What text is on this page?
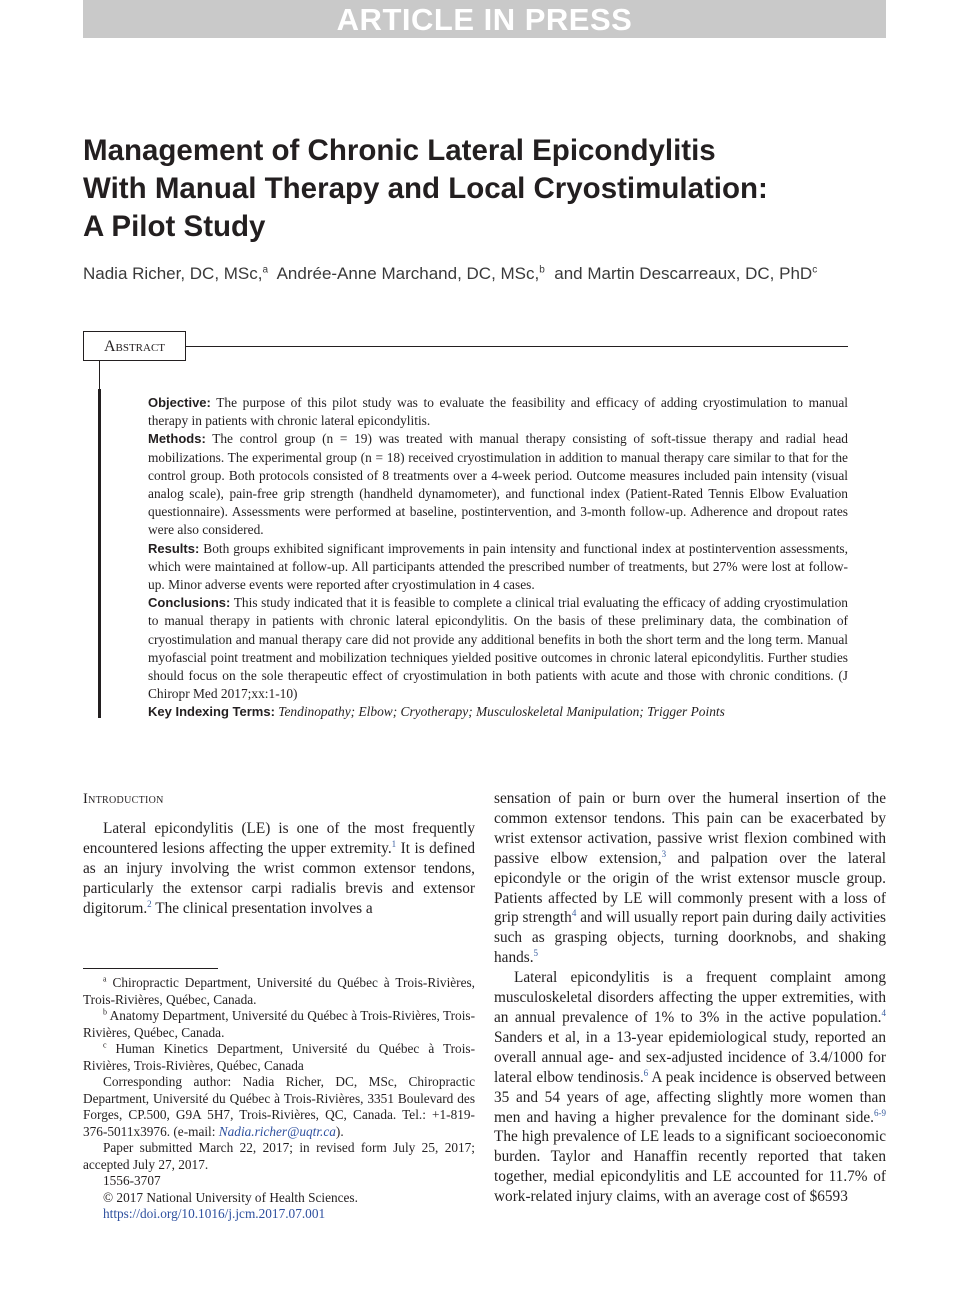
ARTICLE IN PRESS
Management of Chronic Lateral Epicondylitis With Manual Therapy and Local Cryostimulation: A Pilot Study
Nadia Richer, DC, MSc,$^a$ Andrée-Anne Marchand, DC, MSc,$^b$ and Martin Descarreaux, DC, PhD$^c$
Abstract

Objective: The purpose of this pilot study was to evaluate the feasibility and efficacy of adding cryostimulation to manual therapy in patients with chronic lateral epicondylitis.

Methods: The control group (n = 19) was treated with manual therapy consisting of soft-tissue therapy and radial head mobilizations. The experimental group (n = 18) received cryostimulation in addition to manual therapy care similar to that for the control group. Both protocols consisted of 8 treatments over a 4-week period. Outcome measures included pain intensity (visual analog scale), pain-free grip strength (handheld dynamometer), and functional index (Patient-Rated Tennis Elbow Evaluation questionnaire). Assessments were performed at baseline, postintervention, and 3-month follow-up. Adherence and dropout rates were also considered.

Results: Both groups exhibited significant improvements in pain intensity and functional index at postintervention assessments, which were maintained at follow-up. All participants attended the prescribed number of treatments, but 27% were lost at follow-up. Minor adverse events were reported after cryostimulation in 4 cases.

Conclusions: This study indicated that it is feasible to complete a clinical trial evaluating the efficacy of adding cryostimulation to manual therapy in patients with chronic lateral epicondylitis. On the basis of these preliminary data, the combination of cryostimulation and manual therapy care did not provide any additional benefits in both the short term and the long term. Manual myofascial point treatment and mobilization techniques yielded positive outcomes in chronic lateral epicondylitis. Further studies should focus on the sole therapeutic effect of cryostimulation in both patients with acute and those with chronic conditions. (J Chiropr Med 2017;xx:1-10)

Key Indexing Terms: Tendinopathy; Elbow; Cryotherapy; Musculoskeletal Manipulation; Trigger Points

Introduction

Lateral epicondylitis (LE) is one of the most frequently encountered lesions affecting the upper extremity.$^1$ It is defined as an injury involving the wrist common extensor tendons, particularly the extensor carpi radialis brevis and extensor digitorum.$^2$ The clinical presentation involves a

sensation of pain or burn over the humeral insertion of the common extensor tendons. This pain can be exacerbated by wrist extensor activation, passive wrist flexion combined with passive elbow extension,$^3$ and palpation over the lateral epicondyle or the origin of the wrist extensor muscle group. Patients affected by LE will commonly present with a loss of grip strength$^4$ and will usually report pain during daily activities such as grasping objects, turning doorknobs, and shaking hands.$^5$

Lateral epicondylitis is a frequent complaint among musculoskeletal disorders affecting the upper extremities, with an annual prevalence of 1% to 3% in the active population.$^4$ Sanders et al, in a 13-year epidemiological study, reported an overall annual age- and sex-adjusted incidence of 3.4/1000 for lateral elbow tendinosis.$^6$ A peak incidence is observed between 35 and 54 years of age, affecting slightly more women than men and having a higher prevalence for the dominant side.$^{6-9}$ The high prevalence of LE leads to a significant socioeconomic burden. Taylor and Hanaffin recently reported that taken together, medial epicondylitis and LE accounted for 11.7% of work-related injury claims, with an average cost of $6593

$^a$ Chiropractic Department, Université du Québec à Trois-Rivières, Trois-Rivières, Québec, Canada.

$^b$ Anatomy Department, Université du Québec à Trois-Rivières, Trois-Rivières, Québec, Canada.

$^c$ Human Kinetics Department, Université du Québec à Trois-Rivières, Trois-Rivières, Québec, Canada

Corresponding author: Nadia Richer, DC, MSc, Chiropractic Department, Université du Québec à Trois-Rivières, 3351 Boulevard des Forges, CP.500, G9A 5H7, Trois-Rivières, QC, Canada. Tel.: +1-819-376-5011x3976. (e-mail: Nadia.richer@uqtr.ca).

Paper submitted March 22, 2017; in revised form July 25, 2017; accepted July 27, 2017.

1556-3707

© 2017 National University of Health Sciences.

https://doi.org/10.1016/j.jcm.2017.07.001
